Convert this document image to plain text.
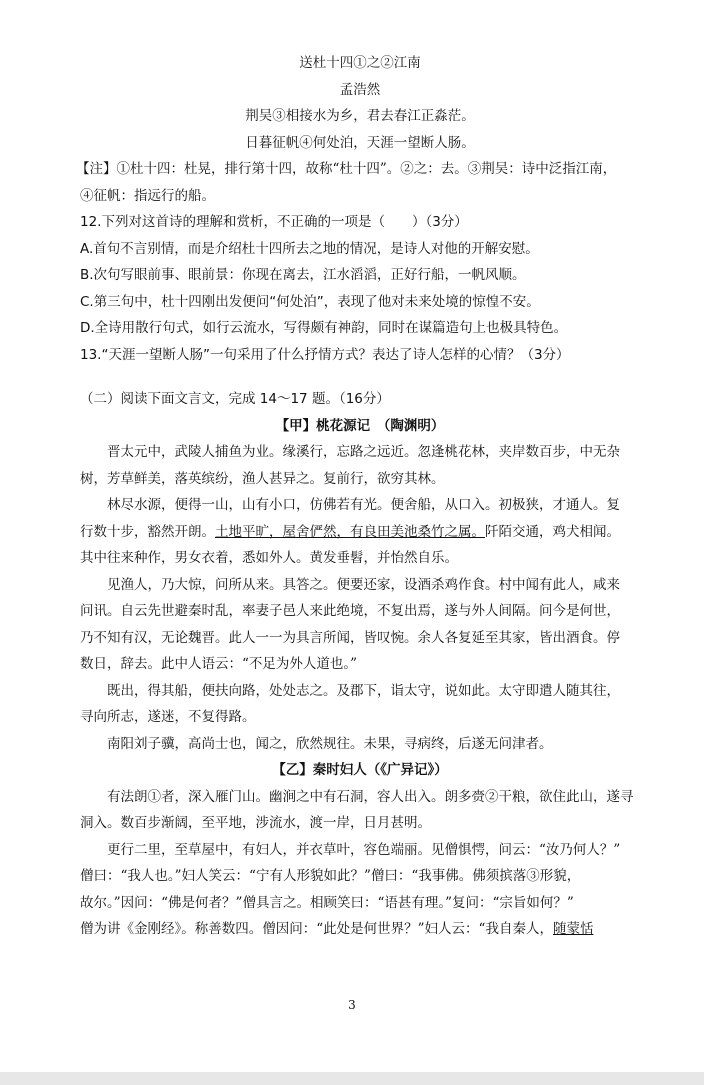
送杜十四①之②江南
孟浩然
荆吴③相接水为乡，君去春江正淼茫。
日暮征帆④何处泊，天涯一望断人肠。
【注】①杜十四：杜晃，排行第十四，故称“杜十四”。②之：去。③荆吴：诗中泛指江南，
④征帆：指远行的船。
12.下列对这首诗的理解和赏析，不正确的一项是（　　）（3分）
A.首句不言别情，而是介绍杜十四所去之地的情况，是诗人对他的开解安慰。
B.次句写眼前事、眼前景：你现在离去，江水滔滔，正好行船，一帆风顺。
C.第三句中，杜十四刚出发便问“何处泊”，表现了他对未来处境的惊惶不安。
D.全诗用散行句式，如行云流水，写得颇有神韵，同时在谋篇造句上也极具特色。
13.“天涯一望断人肠”一句采用了什么抒情方式？表达了诗人怎样的心情？（3分）
（二）阅读下面文言文，完成 14～17 题。（16分）
【甲】桃花源记　（陶渊明）
晋太元中，武陵人捕鱼为业。缘溪行，忘路之远近。忽逢桃花林，夹岸数百步，中无杂
树，芳草鲜美，落英缤纷，渔人甚异之。复前行，欲穷其林。
林尽水源，便得一山，山有小口，仿佛若有光。便舍船，从口入。初极狭，才通人。复
行数十步，豁然开朗。土地平旷，屋舍俨然，有良田美池桑竹之属。阡陌交通，鸡犬相闻。
其中往来种作，男女衣着，悉如外人。黄发垂髫，并怡然自乐。
见渔人，乃大惊，问所从来。具答之。便要还家，设酒杀鸡作食。村中闻有此人，咸来
问讯。自云先世避秦时乱，率妻子邑人来此绝境，不复出焉，遂与外人间隔。问今是何世，
乃不知有汉，无论魏晋。此人一一为具言所闻，皆叹惋。余人各复延至其家，皆出酒食。停
数日，辞去。此中人语云：“不足为外人道也。”
既出，得其船，便扶向路，处处志之。及郡下，诣太守，说如此。太守即遣人随其往，
寻向所志，遂迷，不复得路。
南阳刘子骥，高尚士也，闻之，欣然规往。未果，寻病终，后遂无问津者。
【乙】秦时妇人（《广异记》）
有法朗①者，深入雁门山。幽涧之中有石洞，容人出入。朗多赍②干粮，欲住此山，遂寻
洞入。数百步渐阔，至平地，涉流水，渡一岸，日月甚明。
更行二里，至草屋中，有妇人，并衣草叶，容色端丽。见僧惧愕，问云：“汝乃何人？”
僧曰：“我人也。”妇人笑云：“宁有人形貌如此？”僧曰：“我事佛。佛须摈落③形貌，
故尔。”因问：“佛是何者？”僧具言之。相顾笑曰：“语甚有理。”复问：“宗旨如何？”
僧为讲《金刚经》。称善数四。僧因问：“此处是何世界？”妇人云：“我自秦人，随蒙恬
3
